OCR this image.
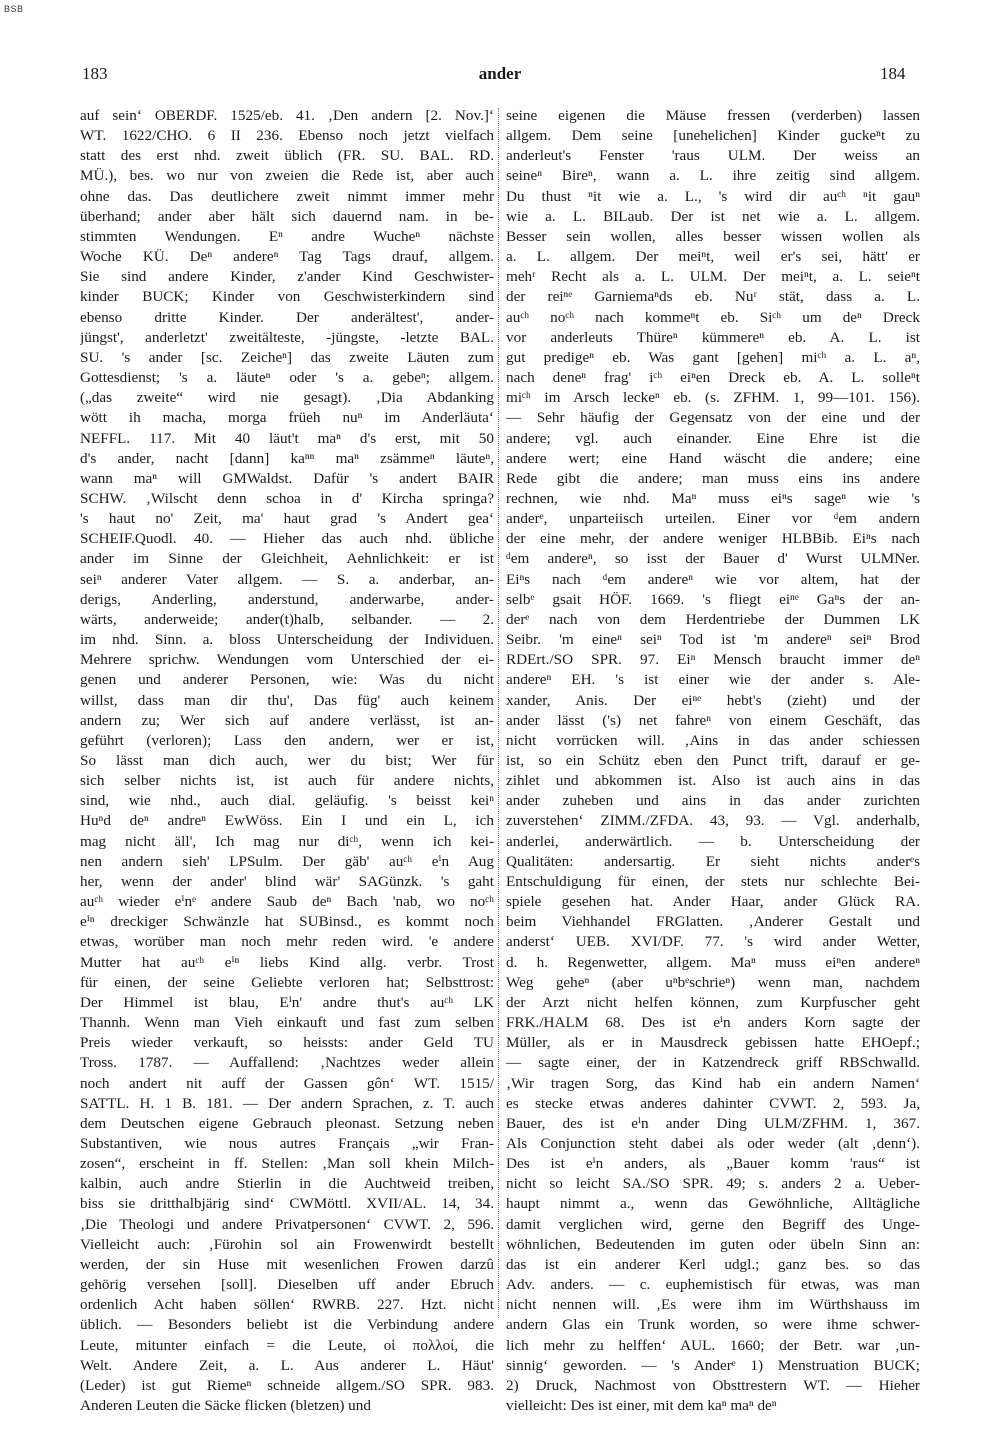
BSB
183	ander	184
auf sein‘ OBERDF. 1525/eb. 41. ‚Den andern [2. Nov.]‘
WT. 1622/CHO. 6 II 236. Ebenso noch jetzt vielfach
statt des erst nhd. zweit üblich (FR. SU. BAL. RD.
MÜ.), bes. wo nur von zweien die Rede ist, aber auch
ohne das. Das deutlichere zweit nimmt immer mehr
überhand; ander aber hält sich dauernd nam. in be-
stimmten Wendungen. Eⁿ andre Wucheⁿ nächste
Woche KÜ. Deⁿ andereⁿ Tag Tags drauf, allgem.
Sie sind andere Kinder, z'ander Kind Geschwister-
kinder BUCK; Kinder von Geschwisterkindern sind
ebenso dritte Kinder. Der anderältest', ander-
jüngst', anderletzt' zweitälteste, -jüngste, -letzte BAL.
SU. 's ander [sc. Zeicheⁿ] das zweite Läuten zum
Gottesdienst; 's a. läuteⁿ oder 's a. gebeⁿ; allgem.
(„das zweite“ wird nie gesagt). ‚Dia Abdanking
wött ih macha, morga früeh nuⁿ im Anderläuta‘
NEFFL. 117. Mit 40 läut't maⁿ d's erst, mit 50
d's ander, nacht [dann] kaⁿⁿ maⁿ zsämmeⁿ läuteⁿ,
wann maⁿ will GMWaldst. Dafür 's andert BAIR
SCHW. ‚Wilscht denn schoa in d' Kircha springa?
's haut no' Zeit, ma' haut grad 's Andert geaʻ
SCHEIF.Quodl. 40. — Hieher das auch nhd. übliche
ander im Sinne der Gleichheit, Aehnlichkeit: er ist
seiⁿ anderer Vater allgem. — S. a. anderbar, an-
derigs, Anderling, anderstund, anderwarbe, ander-
wärts, anderweide; ander(t)halb, selbander. — 2.
im nhd. Sinn. a. bloss Unterscheidung der Individuen.
Mehrere sprichw. Wendungen vom Unterschied der ei-
genen und anderer Personen, wie: Was du nicht
willst, dass man dir thu', Das füg' auch keinem
andern zu; Wer sich auf andere verlässt, ist an-
geführt (verloren); Lass den andern, wer er ist,
So lässt man dich auch, wer du bist; Wer für
sich selber nichts ist, ist auch für andere nichts,
sind, wie nhd., auch dial. geläufig. 's beisst keiⁿ
Huⁿd deⁿ andreⁿ EwWöss. Ein I und ein L, ich
mag nicht äll', Ich mag nur diᶜʰ, wenn ich kei-
nen andern sieh' LPSulm. Der gäb' auᶜʰ eⁱn Aug
her, wenn der ander' blind wär' SAGünzk. 's gaht
auᶜʰ wieder eⁱnᵉ andere Saub deⁿ Bach 'nab, wo noᶜʰ
eⁱⁿ dreckiger Schwänzle hat SUBinsd., es kommt noch
etwas, worüber man noch mehr reden wird. 'e andere
Mutter hat auᶜʰ eⁱⁿ liebs Kind allg. verbr. Trost
für einen, der seine Geliebte verloren hat; Selbsttrost:
Der Himmel ist blau, Eⁱn' andre thut's auᶜʰ LK
Thannh. Wenn man Vieh einkauft und fast zum selben
Preis wieder verkauft, so heissts: ander Geld TU
Tross. 1787. — Auffallend: ‚Nachtzes weder allein
noch andert nit auff der Gassen gôn‘ WT. 1515/
SATTL. H. 1 B. 181. — Der andern Sprachen, z. T. auch
dem Deutschen eigene Gebrauch pleonast. Setzung neben
Substantiven, wie nous autres Français „wir Fran-
zosen“, erscheint in ff. Stellen: ‚Man soll khein Milch-
kalbin, auch andre Stierlin in die Auchtweid treiben,
biss sie dritthalbjärig sind‘ CWMöttl. XVII/AL. 14, 34.
‚Die Theologi und andere Privatpersonen‘ CVWT. 2, 596.
Vielleicht auch: ‚Fürohin sol ain Frowenwirdt bestellt
werden, der sin Huse mit wesenlichen Frowen darzû
gehörig versehen [soll]. Dieselben uff ander Ebruch
ordenlich Acht haben söllen‘ RWRB. 227. Hzt. nicht
üblich. — Besonders beliebt ist die Verbindung andere
Leute, mitunter einfach = die Leute, οἱ πολλοί, die
Welt. Andere Zeit, a. L. Aus anderer L. Häut'
(Leder) ist gut Riemeⁿ schneide allgem./SO SPR. 983.
Anderen Leuten die Säcke flicken (bletzen) und
seine eigenen die Mäuse fressen (verderben) lassen
allgem. Dem seine [unehelichen] Kinder guckeⁿt zu
anderleut's Fenster 'raus ULM. Der weiss an
seineⁿ Bireⁿ, wann a. L. ihre zeitig sind allgem.
Du thust ⁿit wie a. L., 's wird dir auᶜʰ ⁿit gauⁿ
wie a. L. BILaub. Der ist net wie a. L. allgem.
Besser sein wollen, alles besser wissen wollen als
a. L. allgem. Der meiⁿt, weil er's sei, hätt' er
mehʳ Recht als a. L. ULM. Der meiⁿt, a. L. seieⁿt
der reiⁿᵉ Garniemaⁿds eb. Nuʳ stät, dass a. L.
auᶜʰ noᶜʰ nach kommeⁿt eb. Siᶜʰ um deⁿ Dreck
vor anderleuts Thüreⁿ kümmereⁿ eb. A. L. ist
gut predigeⁿ eb. Was gant [gehen] miᶜʰ a. L. aⁿ,
nach deneⁿ frag' iᶜʰ eiⁿen Dreck eb. A. L. solleⁿt
miᶜʰ im Arsch leckeⁿ eb. (s. ZFHM. 1, 99—101. 156).
— Sehr häufig der Gegensatz von der eine und der
andere; vgl. auch einander. Eine Ehre ist die
andere wert; eine Hand wäscht die andere; eine
Rede gibt die andere; man muss eins ins andere
rechnen, wie nhd. Maⁿ muss eiⁿs sageⁿ wie 's
anderᵉ, unparteiisch urteilen. Einer vor ᵈem andern
der eine mehr, der andere weniger HLBBib. Eiⁿs nach
ᵈem andereⁿ, so isst der Bauer d' Wurst ULMNer.
Eiⁿs nach ᵈem andereⁿ wie vor altem, hat der
selbᵉ gsait HÖF. 1669. 's fliegt eiⁿᵉ Gaⁿs der an-
derᵉ nach von dem Herdentriebe der Dummen LK
Seibr. 'm eineⁿ seiⁿ Tod ist 'm andereⁿ seiⁿ Brod
RDErt./SO SPR. 97. Eiⁿ Mensch braucht immer deⁿ
andereⁿ EH. 's ist einer wie der ander s. Ale-
xander, Anis. Der eiⁿᵉ hebt's (zieht) und der
ander lässt ('s) net fahreⁿ von einem Geschäft, das
nicht vorrücken will. ‚Ains in das ander schiessen
ist, so ein Schütz eben den Punct trift, darauf er ge-
zihlet und abkommen ist. Also ist auch ains in das
ander zuheben und ains in das ander zurichten
zuverstehen‘ ZIMM./ZFDA. 43, 93. — Vgl. anderhalb,
anderlei, anderwärtlich. — b. Unterscheidung der
Qualitäten: andersartig. Er sieht nichts anderᵉs
Entschuldigung für einen, der stets nur schlechte Bei-
spiele gesehen hat. Ander Haar, ander Glück RA.
beim Viehhandel FRGlatten. ‚Anderer Gestalt und
anderst‘ UEB. XVI/DF. 77. 's wird ander Wetter,
d. h. Regenwetter, allgem. Maⁿ muss eiⁿen andereⁿ
Weg geheⁿ (aber uⁿbᵉschrieⁿ) wenn man, nachdem
der Arzt nicht helfen können, zum Kurpfuscher geht
FRK./HALM 68. Des ist eⁱn anders Korn sagte der
Müller, als er in Mausdreck gebissen hatte EHOepf.;
— sagte einer, der in Katzendreck griff RBSchwalld.
‚Wir tragen Sorg, das Kind hab ein andern Namen‘
es stecke etwas anderes dahinter CVWT. 2, 593. Ja,
Bauer, des ist eⁱn ander Ding ULM/ZFHM. 1, 367.
Als Conjunction steht dabei als oder weder (alt ‚denn‘).
Des ist eⁱn anders, als „Bauer komm 'raus“ ist
nicht so leicht SA./SO SPR. 49; s. anders 2 a. Ueber-
haupt nimmt a., wenn das Gewöhnliche, Alltägliche
damit verglichen wird, gerne den Begriff des Unge-
wöhnlichen, Bedeutenden im guten oder übeln Sinn an:
das ist ein anderer Kerl udgl.; ganz bes. so das
Adv. anders. — c. euphemistisch für etwas, was man
nicht nennen will. ‚Es were ihm im Würthshauss im
andern Glas ein Trunk worden, so were ihme schwer-
lich mehr zu helffen‘ AUL. 1660; der Betr. war ‚un-
sinnig‘ geworden. — 's Anderᵉ 1) Menstruation BUCK;
2) Druck, Nachmost von Obsttrestern WT. — Hieher
vielleicht: Des ist einer, mit dem kaⁿ maⁿ deⁿ
